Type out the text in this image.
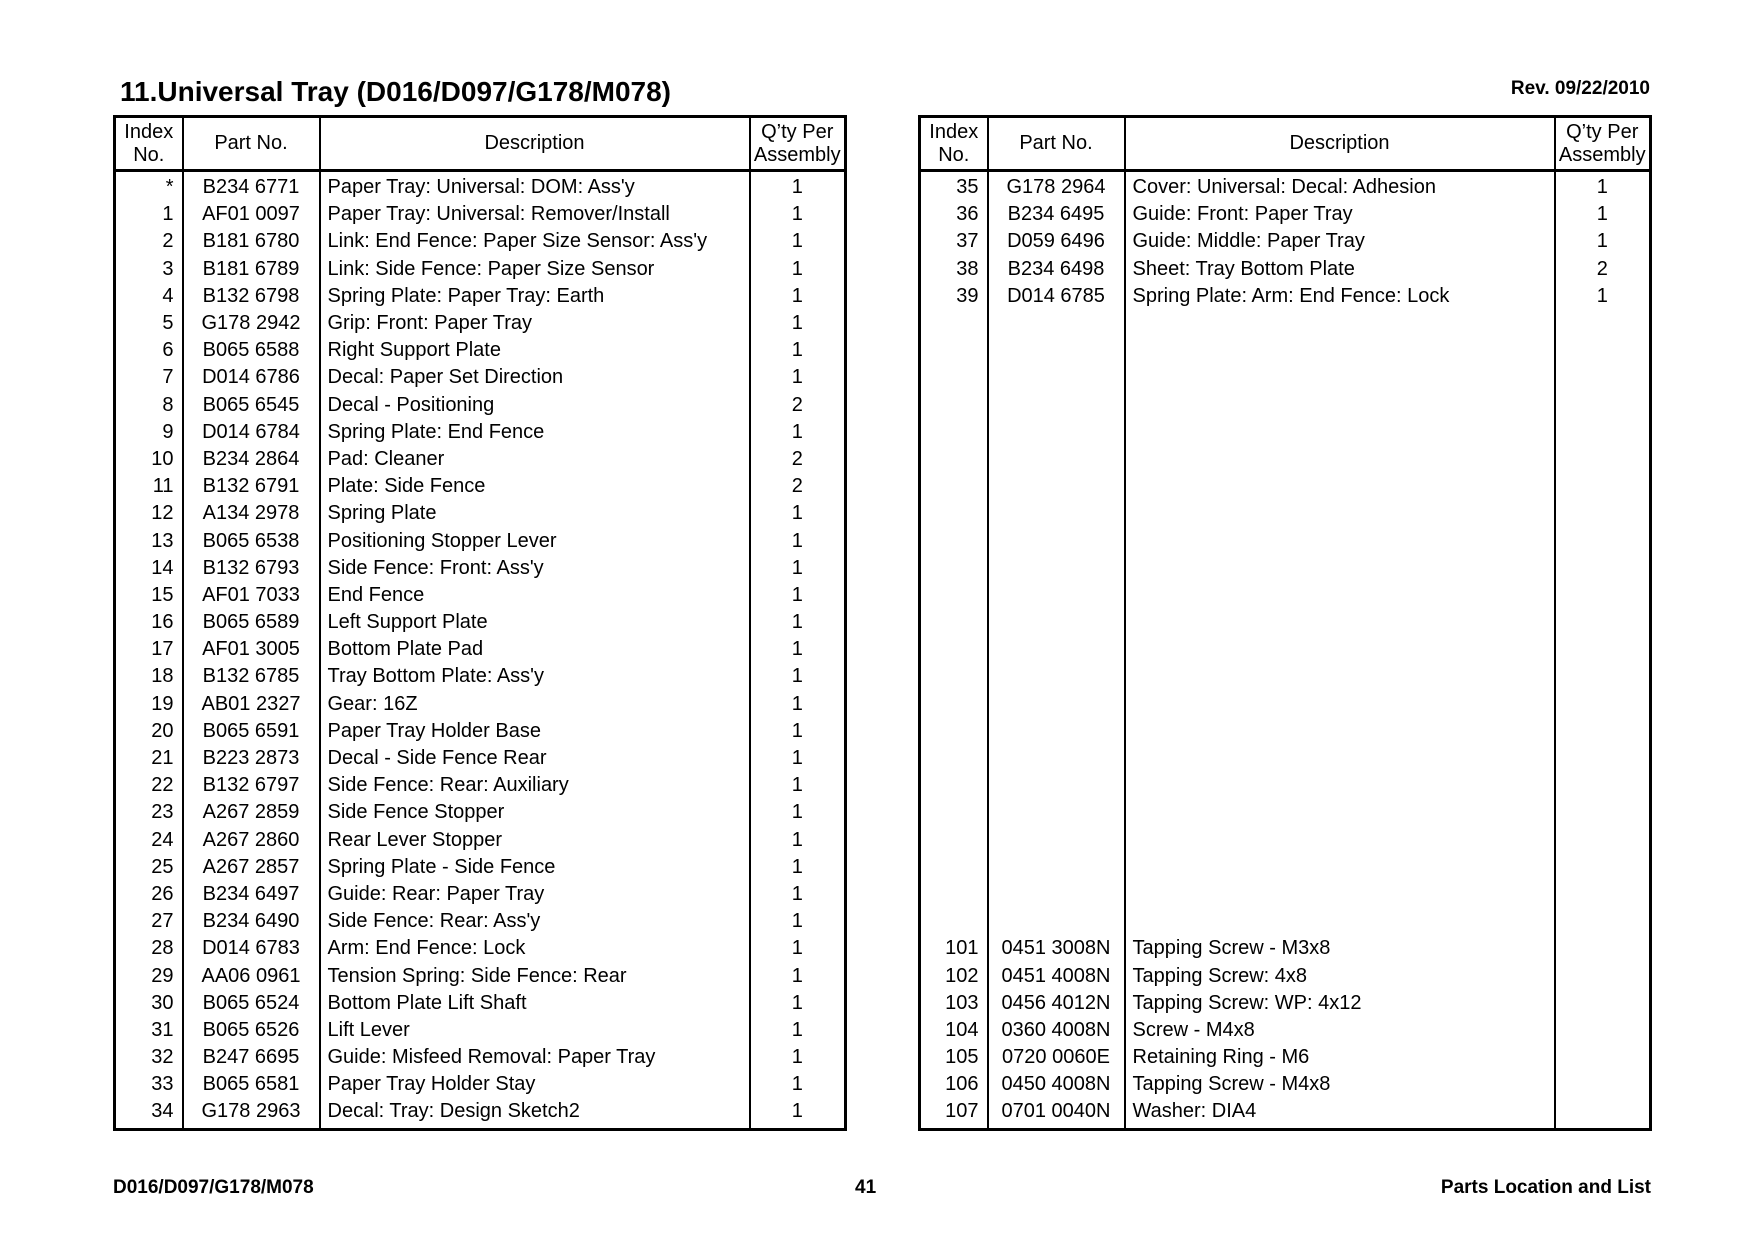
11.Universal Tray (D016/D097/G178/M078)	Rev. 09/22/2010
Index
No.	Part No.	Description	Q’ty Per
Assembly
*	B234 6771	Paper Tray: Universal: DOM: Ass'y	1
1	AF01 0097	Paper Tray: Universal: Remover/Install	1
2	B181 6780	Link: End Fence: Paper Size Sensor: Ass'y	1
3	B181 6789	Link: Side Fence: Paper Size Sensor	1
4	B132 6798	Spring Plate: Paper Tray: Earth	1
5	G178 2942	Grip: Front: Paper Tray	1
6	B065 6588	Right Support Plate	1
7	D014 6786	Decal: Paper Set Direction	1
8	B065 6545	Decal - Positioning	2
9	D014 6784	Spring Plate: End Fence	1
10	B234 2864	Pad: Cleaner	2
11	B132 6791	Plate: Side Fence	2
12	A134 2978	Spring Plate	1
13	B065 6538	Positioning Stopper Lever	1
14	B132 6793	Side Fence: Front: Ass'y	1
15	AF01 7033	End Fence	1
16	B065 6589	Left Support Plate	1
17	AF01 3005	Bottom Plate Pad	1
18	B132 6785	Tray Bottom Plate: Ass'y	1
19	AB01 2327	Gear: 16Z	1
20	B065 6591	Paper Tray Holder Base	1
21	B223 2873	Decal - Side Fence Rear	1
22	B132 6797	Side Fence: Rear: Auxiliary	1
23	A267 2859	Side Fence Stopper	1
24	A267 2860	Rear Lever Stopper	1
25	A267 2857	Spring Plate - Side Fence	1
26	B234 6497	Guide: Rear: Paper Tray	1
27	B234 6490	Side Fence: Rear: Ass'y	1
28	D014 6783	Arm: End Fence: Lock	1
29	AA06 0961	Tension Spring: Side Fence: Rear	1
30	B065 6524	Bottom Plate Lift Shaft	1
31	B065 6526	Lift Lever	1
32	B247 6695	Guide: Misfeed Removal: Paper Tray	1
33	B065 6581	Paper Tray Holder Stay	1
34	G178 2963	Decal: Tray: Design Sketch2	1
Index
No.	Part No.	Description	Q’ty Per
Assembly
35	G178 2964	Cover: Universal: Decal: Adhesion	1
36	B234 6495	Guide: Front: Paper Tray	1
37	D059 6496	Guide: Middle: Paper Tray	1
38	B234 6498	Sheet: Tray Bottom Plate	2
39	D014 6785	Spring Plate: Arm: End Fence: Lock	1

101	0451 3008N	Tapping Screw - M3x8	
102	0451 4008N	Tapping Screw: 4x8	
103	0456 4012N	Tapping Screw: WP: 4x12	
104	0360 4008N	Screw - M4x8	
105	0720 0060E	Retaining Ring - M6	
106	0450 4008N	Tapping Screw - M4x8	
107	0701 0040N	Washer: DIA4	
D016/D097/G178/M078	41	Parts Location and List
